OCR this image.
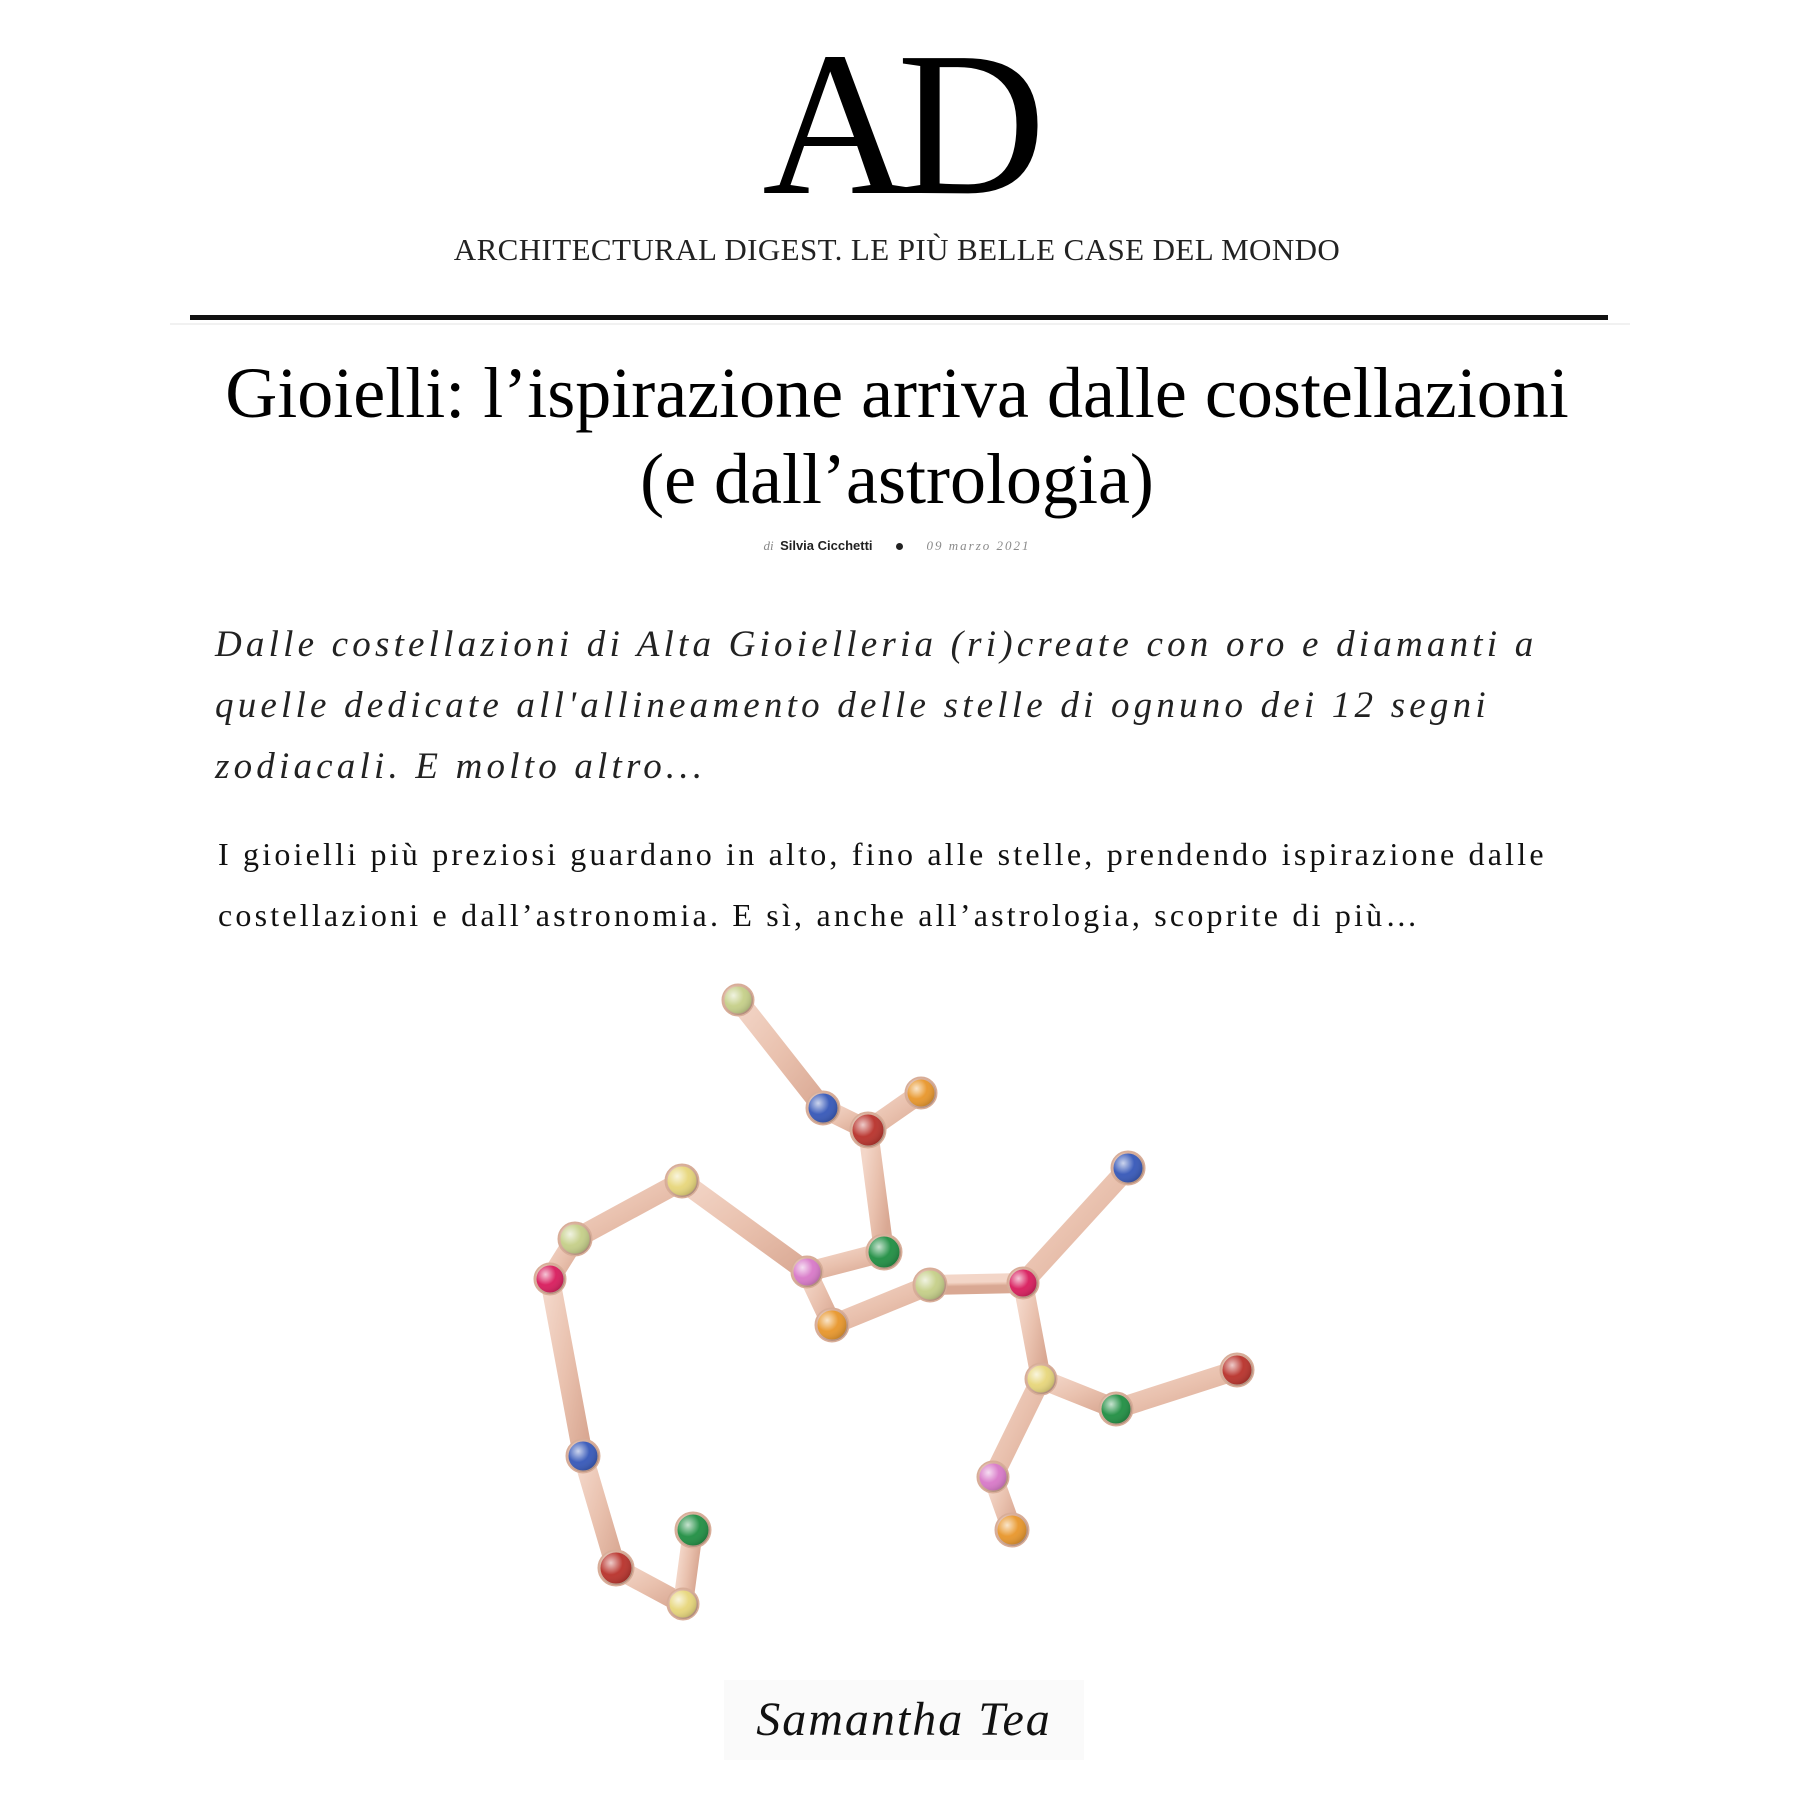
AD
ARCHITECTURAL DIGEST. LE PIÙ BELLE CASE DEL MONDO
Gioielli: l’ispirazione arriva dalle costellazioni
(e dall’astrologia)
di Silvia Cicchetti	09 marzo 2021

Dalle costellazioni di Alta Gioielleria (ri)create con oro e diamanti a quelle dedicate all'allineamento delle stelle di ognuno dei 12 segni zodiacali. E molto altro...

I gioielli più preziosi guardano in alto, fino alle stelle, prendendo ispirazione dalle costellazioni e dall’astronomia. E sì, anche all’astrologia, scoprite di più…

Samantha Tea
